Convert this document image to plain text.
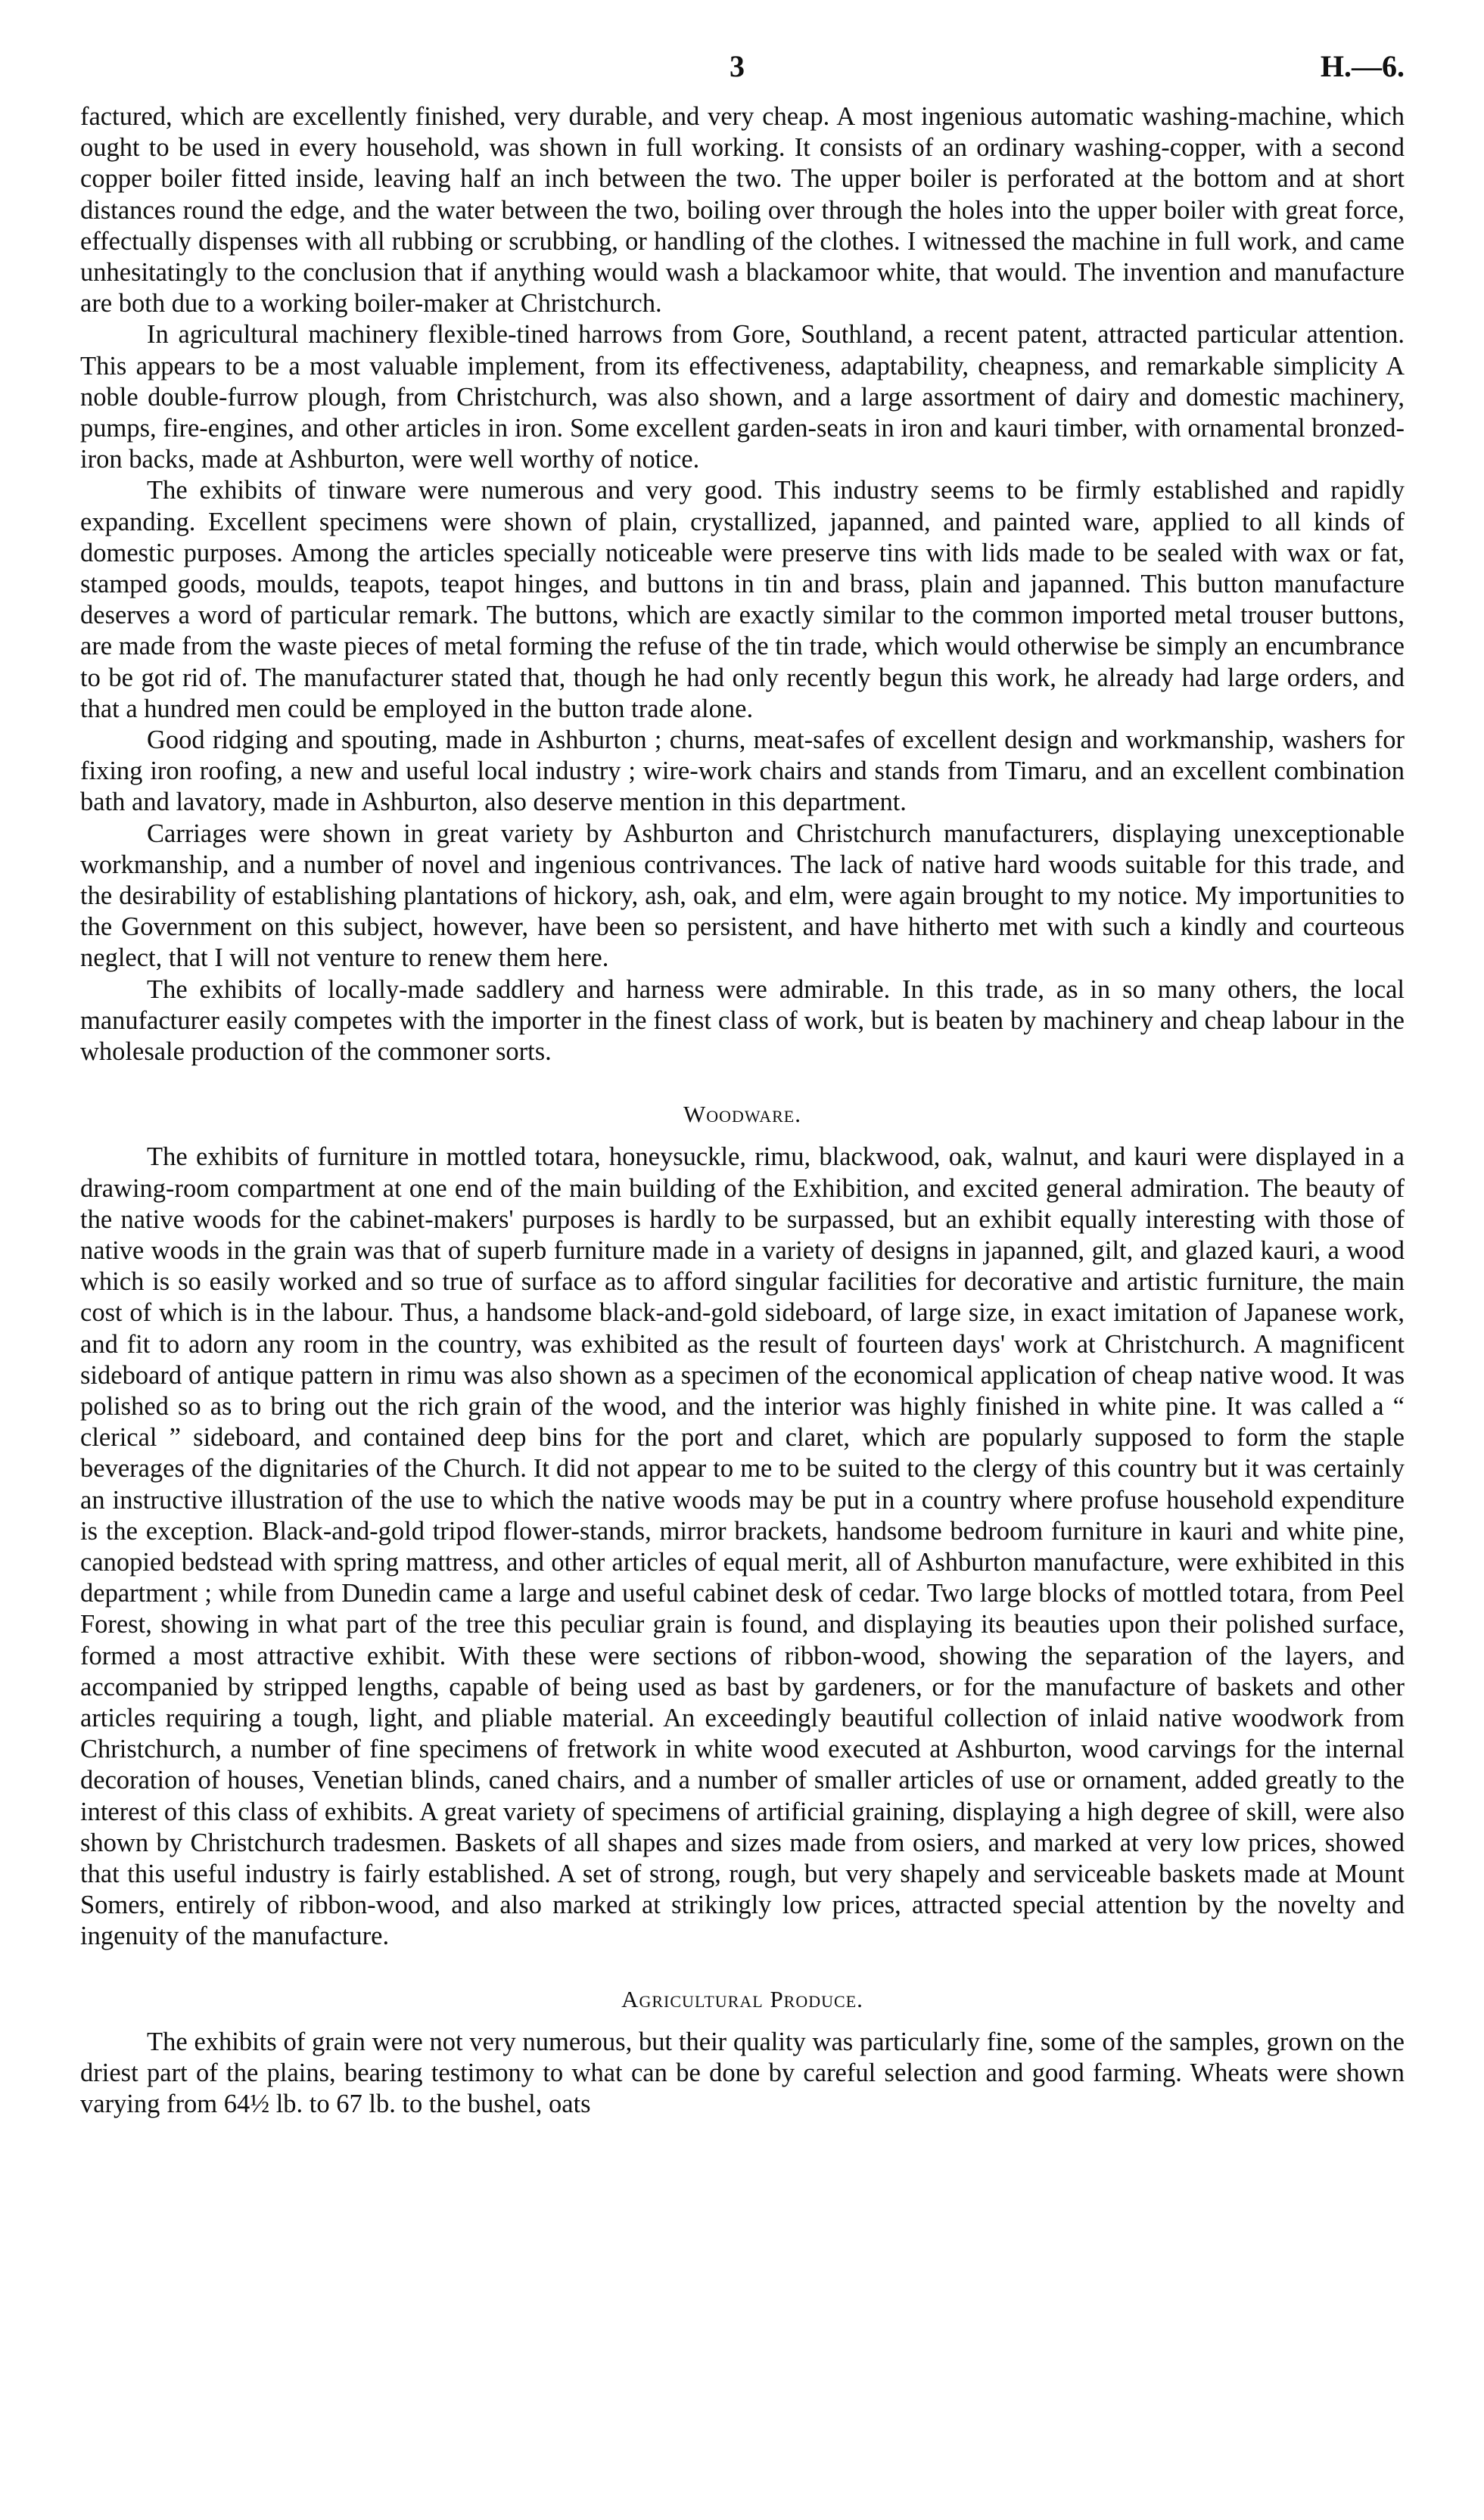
3	H.—6.

factured, which are excellently finished, very durable, and very cheap. A most ingenious automatic washing-machine, which ought to be used in every household, was shown in full working. It consists of an ordinary washing-copper, with a second copper boiler fitted inside, leaving half an inch between the two. The upper boiler is perforated at the bottom and at short distances round the edge, and the water between the two, boiling over through the holes into the upper boiler with great force, effectually dispenses with all rubbing or scrubbing, or handling of the clothes. I witnessed the machine in full work, and came unhesitatingly to the conclusion that if anything would wash a blackamoor white, that would. The invention and manufacture are both due to a working boiler-maker at Christchurch.

In agricultural machinery flexible-tined harrows from Gore, Southland, a recent patent, attracted particular attention. This appears to be a most valuable implement, from its effectiveness, adaptability, cheapness, and remarkable simplicity A noble double-furrow plough, from Christchurch, was also shown, and a large assortment of dairy and domestic machinery, pumps, fire-engines, and other articles in iron. Some excellent garden-seats in iron and kauri timber, with ornamental bronzed-iron backs, made at Ashburton, were well worthy of notice.

The exhibits of tinware were numerous and very good. This industry seems to be firmly established and rapidly expanding. Excellent specimens were shown of plain, crystallized, japanned, and painted ware, applied to all kinds of domestic purposes. Among the articles specially noticeable were preserve tins with lids made to be sealed with wax or fat, stamped goods, moulds, teapots, teapot hinges, and buttons in tin and brass, plain and japanned. This button manufacture deserves a word of particular remark. The buttons, which are exactly similar to the common imported metal trouser buttons, are made from the waste pieces of metal forming the refuse of the tin trade, which would otherwise be simply an encumbrance to be got rid of. The manufacturer stated that, though he had only recently begun this work, he already had large orders, and that a hundred men could be employed in the button trade alone.

Good ridging and spouting, made in Ashburton ; churns, meat-safes of excellent design and workmanship, washers for fixing iron roofing, a new and useful local industry ; wire-work chairs and stands from Timaru, and an excellent combination bath and lavatory, made in Ashburton, also deserve mention in this department.

Carriages were shown in great variety by Ashburton and Christchurch manufacturers, displaying unexceptionable workmanship, and a number of novel and ingenious contrivances. The lack of native hard woods suitable for this trade, and the desirability of establishing plantations of hickory, ash, oak, and elm, were again brought to my notice. My importunities to the Government on this subject, however, have been so persistent, and have hitherto met with such a kindly and courteous neglect, that I will not venture to renew them here.

The exhibits of locally-made saddlery and harness were admirable. In this trade, as in so many others, the local manufacturer easily competes with the importer in the finest class of work, but is beaten by machinery and cheap labour in the wholesale production of the commoner sorts.

Woodware.

The exhibits of furniture in mottled totara, honeysuckle, rimu, blackwood, oak, walnut, and kauri were displayed in a drawing-room compartment at one end of the main building of the Exhibition, and excited general admiration. The beauty of the native woods for the cabinet-makers' purposes is hardly to be surpassed, but an exhibit equally interesting with those of native woods in the grain was that of superb furniture made in a variety of designs in japanned, gilt, and glazed kauri, a wood which is so easily worked and so true of surface as to afford singular facilities for decorative and artistic furniture, the main cost of which is in the labour. Thus, a handsome black-and-gold sideboard, of large size, in exact imitation of Japanese work, and fit to adorn any room in the country, was exhibited as the result of fourteen days' work at Christchurch. A magnificent sideboard of antique pattern in rimu was also shown as a specimen of the economical application of cheap native wood. It was polished so as to bring out the rich grain of the wood, and the interior was highly finished in white pine. It was called a “ clerical ” sideboard, and contained deep bins for the port and claret, which are popularly supposed to form the staple beverages of the dignitaries of the Church. It did not appear to me to be suited to the clergy of this country but it was certainly an instructive illustration of the use to which the native woods may be put in a country where profuse household expenditure is the exception. Black-and-gold tripod flower-stands, mirror brackets, handsome bedroom furniture in kauri and white pine, canopied bedstead with spring mattress, and other articles of equal merit, all of Ashburton manufacture, were exhibited in this department ; while from Dunedin came a large and useful cabinet desk of cedar. Two large blocks of mottled totara, from Peel Forest, showing in what part of the tree this peculiar grain is found, and displaying its beauties upon their polished surface, formed a most attractive exhibit. With these were sections of ribbon-wood, showing the separation of the layers, and accompanied by stripped lengths, capable of being used as bast by gardeners, or for the manufacture of baskets and other articles requiring a tough, light, and pliable material. An exceedingly beautiful collection of inlaid native woodwork from Christchurch, a number of fine specimens of fretwork in white wood executed at Ashburton, wood carvings for the internal decoration of houses, Venetian blinds, caned chairs, and a number of smaller articles of use or ornament, added greatly to the interest of this class of exhibits. A great variety of specimens of artificial graining, displaying a high degree of skill, were also shown by Christchurch tradesmen. Baskets of all shapes and sizes made from osiers, and marked at very low prices, showed that this useful industry is fairly established. A set of strong, rough, but very shapely and serviceable baskets made at Mount Somers, entirely of ribbon-wood, and also marked at strikingly low prices, attracted special attention by the novelty and ingenuity of the manufacture.

Agricultural Produce.

The exhibits of grain were not very numerous, but their quality was particularly fine, some of the samples, grown on the driest part of the plains, bearing testimony to what can be done by careful selection and good farming. Wheats were shown varying from 64½ lb. to 67 lb. to the bushel, oats
